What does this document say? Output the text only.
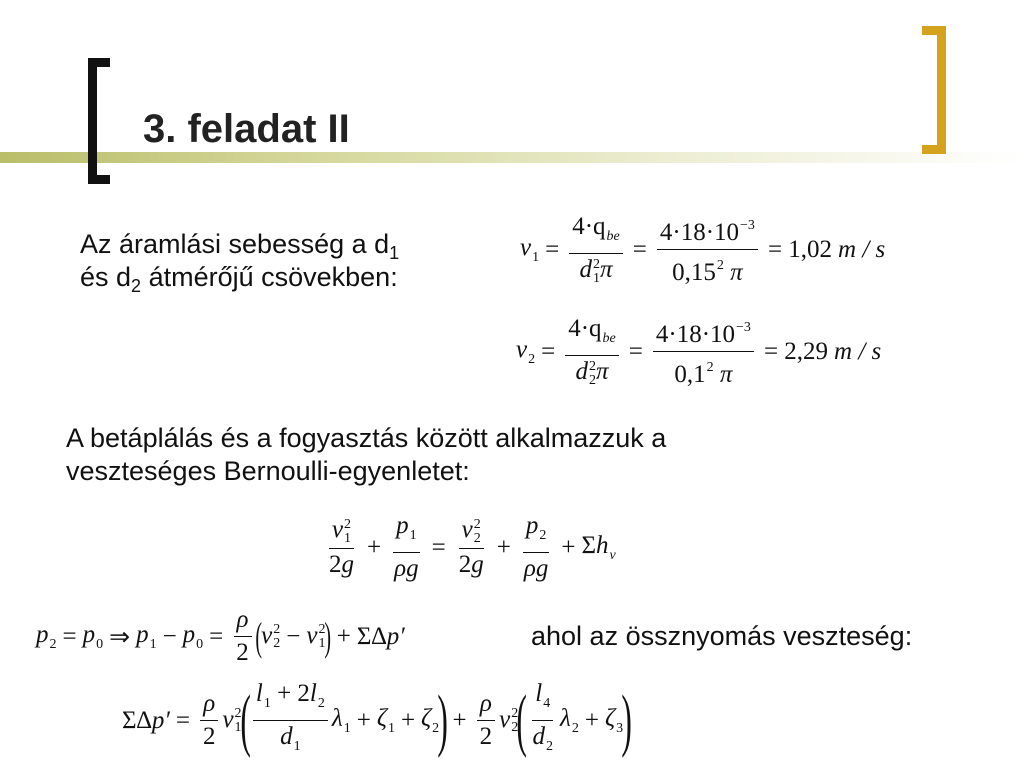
3. feladat II
Az áramlási sebesség a $d_1$
és $d_2$ átmérőjű csövekben:
$v_1 = 4\cdot q_{be}$
d 2
1 $\pi = \frac{4\cdot 18\cdot 10^{-3}}{0,15^2 \pi} = 1,02$ m / s
$v_2 = 4\cdot q_{be}$
d 2
2 $\pi = \frac{4\cdot 18\cdot 10^{-3}}{0,1^2 \pi} = 2,29$ m / s
A betáplálás és a fogyasztás között alkalmazzuk a
veszteséges Bernoulli-egyenletet:
v 2
1
$2g + \frac{p_1}{\rho g} = v$ 2
2
$2g + \frac{p_2}{\rho g} + \Sigma h_v$
$p_2 = p_0$ ⇒ $p_1 - p_0 = \frac{\rho}{2}$ ( v 2
2 − v 2
1 ) + Σ∆p′	ahol az össznyomás veszteség:
$\Sigma\Delta p' = \frac{\rho}{2}$ v 2
1
( $\frac{l_1 + 2l_2}{d_1} \lambda_1 + \zeta_1 + \zeta_2$
) + $\frac{\rho}{2}$ v 2
2
( $\frac{l_4}{d_2} \lambda_2 + \zeta_3$
)
